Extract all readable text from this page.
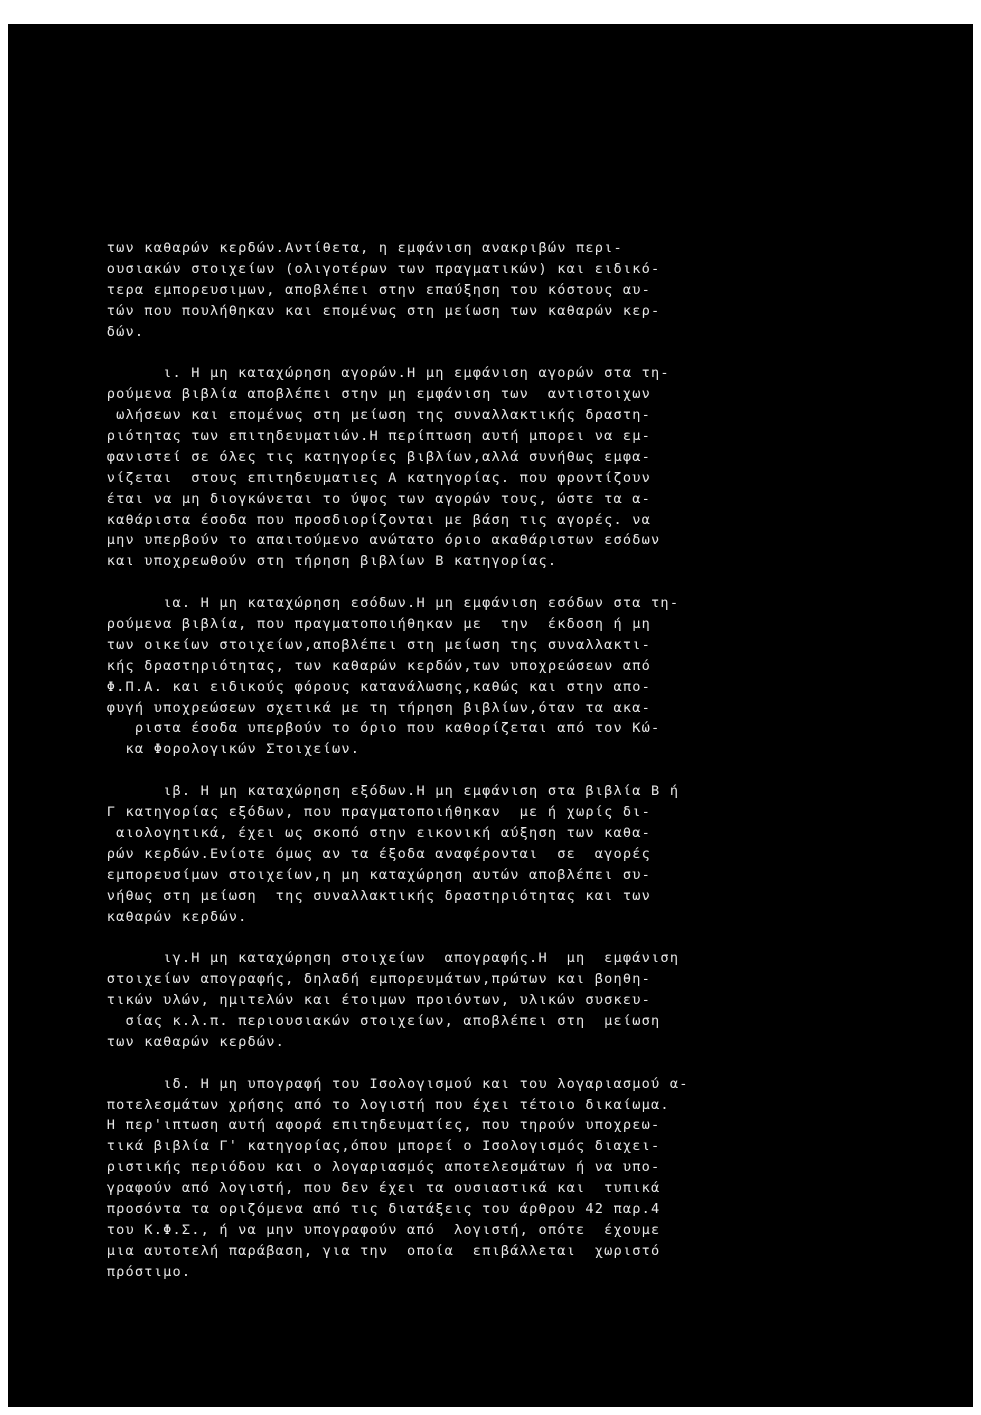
των καθαρών κερδών.Αντίθετα, η εμφάνιση ανακριβών περι-
ουσιακών στοιχείων (ολιγοτέρων των πραγματικών) και ειδικό-
τερα εμπορευσιμων, αποβλέπει στην επαύξηση του κόστους αυ-
τών που πουλήθηκαν και επομένως στη μείωση των καθαρών κερ-
δών.
ι. Η μη καταχώρηση αγορών.Η μη εμφάνιση αγορών στα τη-
ρούμενα βιβλία αποβλέπει στην μη εμφάνιση των  αντιστοιχων
ωλήσεων και επομένως στη μείωση της συναλλακτικής δραστη-
ριότητας των επιτηδευματιών.Η περίπτωση αυτή μπορει να εμ-
φανιστεί σε όλες τις κατηγορίες βιβλίων,αλλά συνήθως εμφα-
νίζεται  στους επιτηδευματιες Α κατηγορίας. που φροντίζουν
έται να μη διογκώνεται το ύψος των αγορών τους, ώστε τα α-
καθάριστα έσοδα που προσδιορίζονται με βάση τις αγορές. να
μην υπερβούν το απαιτούμενο ανώτατο όριο ακαθάριστων εσόδων
και υποχρεωθούν στη τήρηση βιβλίων Β κατηγορίας.
ια. Η μη καταχώρηση εσόδων.Η μη εμφάνιση εσόδων στα τη-
ρούμενα βιβλία, που πραγματοποιήθηκαν με  την  έκδοση ή μη
των οικείων στοιχείων,αποβλέπει στη μείωση της συναλλακτι-
κής δραστηριότητας, των καθαρών κερδών,των υποχρεώσεων από
Φ.Π.Α. και ειδικούς φόρους κατανάλωσης,καθώς και στην απο-
φυγή υποχρεώσεων σχετικά με τη τήρηση βιβλίων,όταν τα ακα-
ριστα έσοδα υπερβούν το όριο που καθορίζεται από τον Κώ-
κα Φορολογικών Στοιχείων.
ιβ. Η μη καταχώρηση εξόδων.Η μη εμφάνιση στα βιβλία Β ή
Γ κατηγορίας εξόδων, που πραγματοποιήθηκαν  με ή χωρίς δι-
αιολογητικά, έχει ως σκοπό στην εικονική αύξηση των καθα-
ρών κερδών.Ενίοτε όμως αν τα έξοδα αναφέρονται  σε  αγορές
εμπορευσίμων στοιχείων,η μη καταχώρηση αυτών αποβλέπει συ-
νήθως στη μείωση  της συναλλακτικής δραστηριότητας και των
καθαρών κερδών.
ιγ.Η μη καταχώρηση στοιχείων  απογραφής.Η  μη  εμφάνιση
στοιχείων απογραφής, δηλαδή εμπορευμάτων,πρώτων και βοηθη-
τικών υλών, ημιτελών και έτοιμων προιόντων, υλικών συσκευ-
σίας κ.λ.π. περιουσιακών στοιχείων, αποβλέπει στη  μείωση
των καθαρών κερδών.
ιδ. Η μη υπογραφή του Ισολογισμού και του λογαριασμού α-
ποτελεσμάτων χρήσης από το λογιστή που έχει τέτοιο δικαίωμα.
Η περ'ιπτωση αυτή αφορά επιτηδευματίες, που τηρούν υποχρεω-
τικά βιβλία Γ' κατηγορίας,όπου μπορεί ο Ισολογισμός διαχει-
ριστικής περιόδου και ο λογαριασμός αποτελεσμάτων ή να υπο-
γραφούν από λογιστή, που δεν έχει τα ουσιαστικά και  τυπικά
προσόντα τα οριζόμενα από τις διατάξεις του άρθρου 42 παρ.4
του Κ.Φ.Σ., ή να μην υπογραφούν από  λογιστή, οπότε  έχουμε
μια αυτοτελή παράβαση, για την  οποία  επιβάλλεται  χωριστό
πρόστιμο.
